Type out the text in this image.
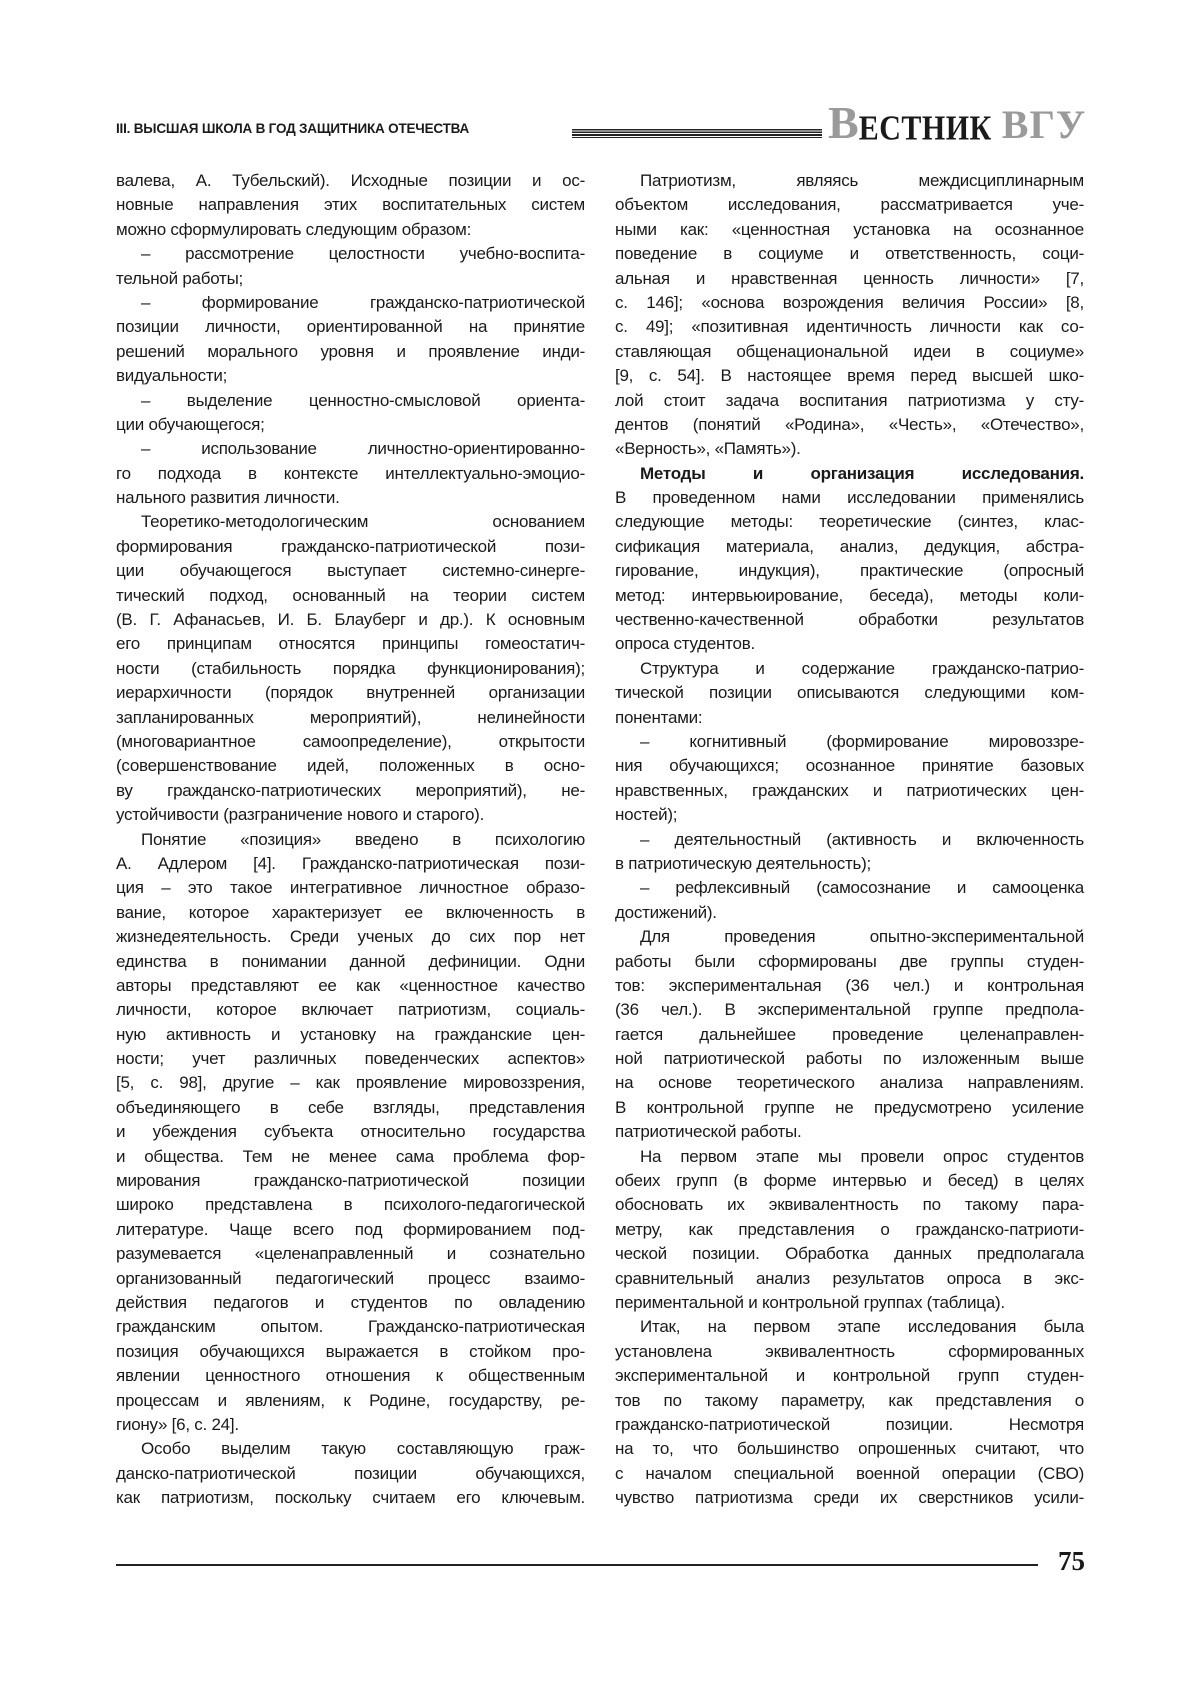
III. ВЫСШАЯ ШКОЛА В ГОД ЗАЩИТНИКА ОТЕЧЕСТВА	ВЕСТНИК ВГУ
валева, А. Тубельский). Исходные позиции и ос-
новные направления этих воспитательных систем
можно сформулировать следующим образом:
– рассмотрение целостности учебно-воспита-
тельной работы;
– формирование гражданско-патриотической
позиции личности, ориентированной на принятие
решений морального уровня и проявление инди-
видуальности;
– выделение ценностно-смысловой ориента-
ции обучающегося;
– использование личностно-ориентированно-
го подхода в контексте интеллектуально-эмоцио-
нального развития личности.
Теоретико-методологическим основанием
формирования гражданско-патриотической пози-
ции обучающегося выступает системно-синерге-
тический подход, основанный на теории систем
(В. Г. Афанасьев, И. Б. Блауберг и др.). К основным
его принципам относятся принципы гомеостатич-
ности (стабильность порядка функционирования);
иерархичности (порядок внутренней организации
запланированных мероприятий), нелинейности
(многовариантное самоопределение), открытости
(совершенствование идей, положенных в осно-
ву гражданско-патриотических мероприятий), не-
устойчивости (разграничение нового и старого).
Понятие «позиция» введено в психологию
А. Адлером [4]. Гражданско-патриотическая пози-
ция – это такое интегративное личностное образо-
вание, которое характеризует ее включенность в
жизнедеятельность. Среди ученых до сих пор нет
единства в понимании данной дефиниции. Одни
авторы представляют ее как «ценностное качество
личности, которое включает патриотизм, социаль-
ную активность и установку на гражданские цен-
ности; учет различных поведенческих аспектов»
[5, с. 98], другие – как проявление мировоззрения,
объединяющего в себе взгляды, представления
и убеждения субъекта относительно государства
и общества. Тем не менее сама проблема фор-
мирования гражданско-патриотической позиции
широко представлена в психолого-педагогической
литературе. Чаще всего под формированием под-
разумевается «целенаправленный и сознательно
организованный педагогический процесс взаимо-
действия педагогов и студентов по овладению
гражданским опытом. Гражданско-патриотическая
позиция обучающихся выражается в стойком про-
явлении ценностного отношения к общественным
процессам и явлениям, к Родине, государству, ре-
гиону» [6, с. 24].
Особо выделим такую составляющую граж-
данско-патриотической позиции обучающихся,
как патриотизм, поскольку считаем его ключевым.
Патриотизм, являясь междисциплинарным
объектом исследования, рассматривается уче-
ными как: «ценностная установка на осознанное
поведение в социуме и ответственность, соци-
альная и нравственная ценность личности» [7,
с. 146]; «основа возрождения величия России» [8,
с. 49]; «позитивная идентичность личности как со-
ставляющая общенациональной идеи в социуме»
[9, с. 54]. В настоящее время перед высшей шко-
лой стоит задача воспитания патриотизма у сту-
дентов (понятий «Родина», «Честь», «Отечество»,
«Верность», «Память»).
Методы и организация исследования.
В проведенном нами исследовании применялись
следующие методы: теоретические (синтез, клас-
сификация материала, анализ, дедукция, абстра-
гирование, индукция), практические (опросный
метод: интервьюирование, беседа), методы коли-
чественно-качественной обработки результатов
опроса студентов.
Структура и содержание гражданско-патрио-
тической позиции описываются следующими ком-
понентами:
– когнитивный (формирование мировоззре-
ния обучающихся; осознанное принятие базовых
нравственных, гражданских и патриотических цен-
ностей);
– деятельностный (активность и включенность
в патриотическую деятельность);
– рефлексивный (самосознание и самооценка
достижений).
Для проведения опытно-экспериментальной
работы были сформированы две группы студен-
тов: экспериментальная (36 чел.) и контрольная
(36 чел.). В экспериментальной группе предпола-
гается дальнейшее проведение целенаправлен-
ной патриотической работы по изложенным выше
на основе теоретического анализа направлениям.
В контрольной группе не предусмотрено усиление
патриотической работы.
На первом этапе мы провели опрос студентов
обеих групп (в форме интервью и бесед) в целях
обосновать их эквивалентность по такому пара-
метру, как представления о гражданско-патриоти-
ческой позиции. Обработка данных предполагала
сравнительный анализ результатов опроса в экс-
периментальной и контрольной группах (таблица).
Итак, на первом этапе исследования была
установлена эквивалентность сформированных
экспериментальной и контрольной групп студен-
тов по такому параметру, как представления о
гражданско-патриотической позиции. Несмотря
на то, что большинство опрошенных считают, что
с началом специальной военной операции (СВО)
чувство патриотизма среди их сверстников усили-
75
